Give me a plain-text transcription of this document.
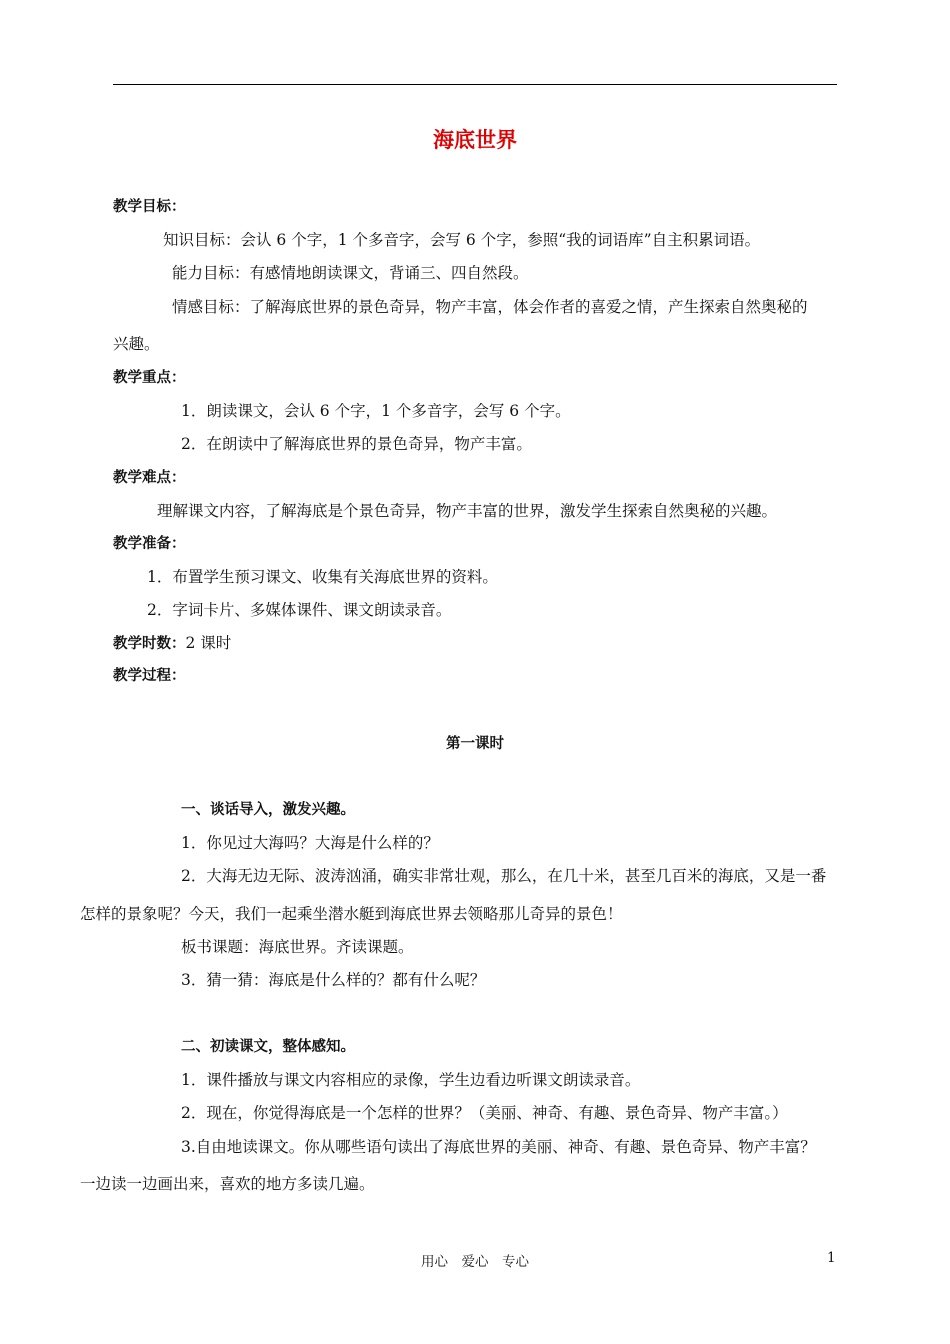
海底世界
教学目标：
知识目标：会认 6 个字，1 个多音字，会写 6 个字，参照“我的词语库”自主积累词语。
能力目标：有感情地朗读课文，背诵三、四自然段。
情感目标：了解海底世界的景色奇异，物产丰富，体会作者的喜爱之情，产生探索自然奥秘的
兴趣。
教学重点：
1．朗读课文，会认 6 个字，1 个多音字，会写 6 个字。
2．在朗读中了解海底世界的景色奇异，物产丰富。
教学难点：
理解课文内容，了解海底是个景色奇异，物产丰富的世界，激发学生探索自然奥秘的兴趣。
教学准备：
1．布置学生预习课文、收集有关海底世界的资料。
2．字词卡片、多媒体课件、课文朗读录音。
教学时数：2 课时
教学过程：
第一课时
一、谈话导入，激发兴趣。
1．你见过大海吗？大海是什么样的？
2．大海无边无际、波涛汹涌，确实非常壮观，那么，在几十米，甚至几百米的海底，又是一番
怎样的景象呢？今天，我们一起乘坐潜水艇到海底世界去领略那儿奇异的景色！
板书课题：海底世界。齐读课题。
3．猜一猜：海底是什么样的？都有什么呢？
二、初读课文，整体感知。
1．课件播放与课文内容相应的录像，学生边看边听课文朗读录音。
2．现在，你觉得海底是一个怎样的世界？（美丽、神奇、有趣、景色奇异、物产丰富。）
3.自由地读课文。你从哪些语句读出了海底世界的美丽、神奇、有趣、景色奇异、物产丰富？
一边读一边画出来，喜欢的地方多读几遍。
用心　爱心　专心	1
